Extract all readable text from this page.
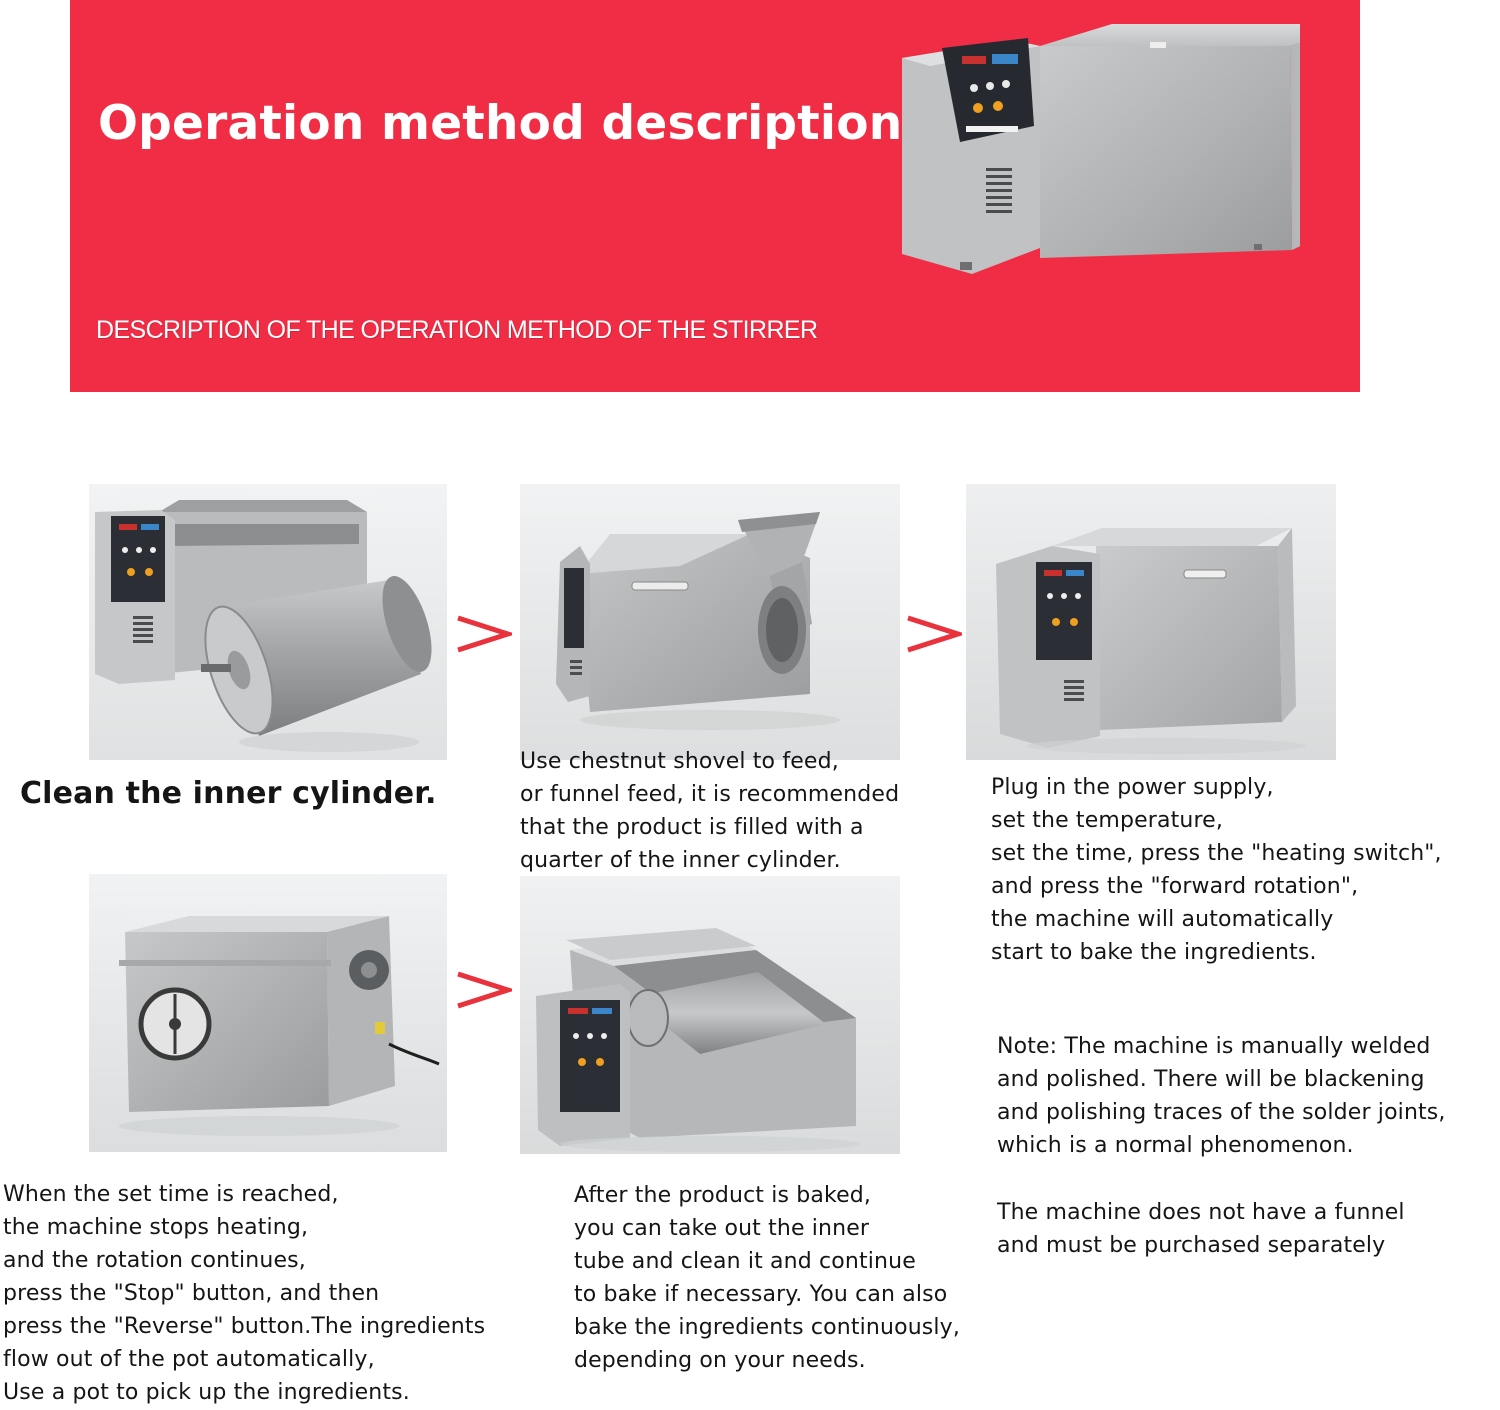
Operation method description
DESCRIPTION OF THE OPERATION METHOD OF THE STIRRER
Clean the inner cylinder.
Use chestnut shovel to feed,
or funnel feed, it is recommended
that the product is filled with a
quarter of the inner cylinder.
Plug in the power supply,
set the temperature,
set the time, press the "heating switch",
and press the "forward rotation",
the machine will automatically
start to bake the ingredients.
When the set time is reached,
the machine stops heating,
and the rotation continues,
press the "Stop" button, and then
press the "Reverse" button.The ingredients
flow out of the pot automatically,
Use a pot to pick up the ingredients.
After the product is baked,
you can take out the inner
tube and clean it and continue
to bake if necessary. You can also
bake the ingredients continuously,
depending on your needs.
Note: The machine is manually welded
and polished. There will be blackening
and polishing traces of the solder joints,
which is a normal phenomenon.
The machine does not have a funnel
and must be purchased separately
